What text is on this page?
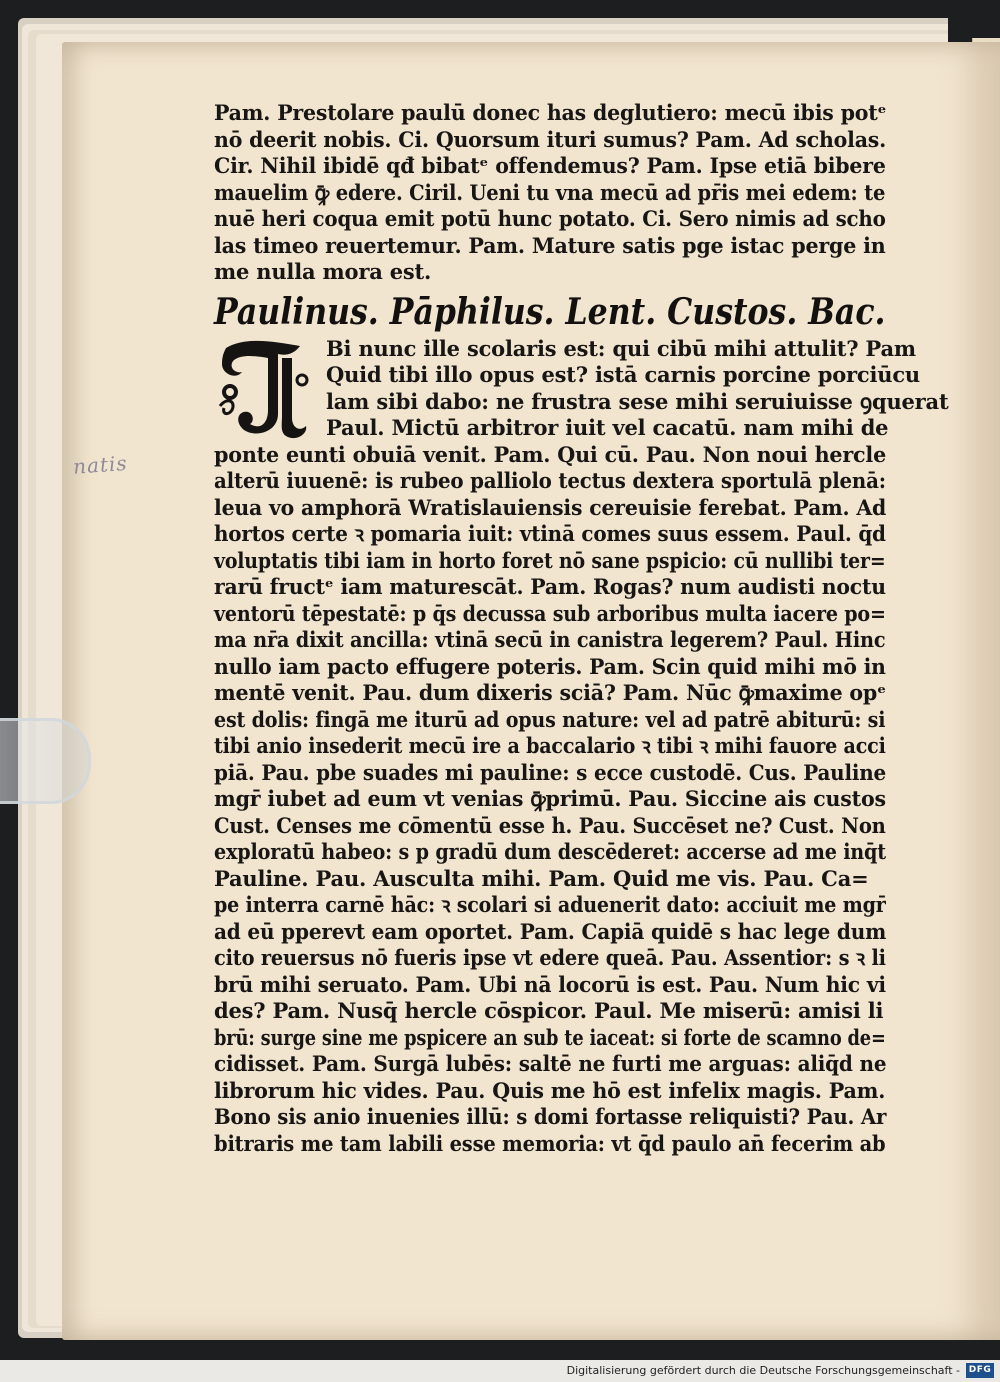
natis
Pam. Prestolare paulū donec has deglutiero: mecū ibis potᵉ
nō deerit nobis. Ci. Quorsum ituri sumus? Pam. Ad scholas.
Cir. Nihil ibidē qđ bibatᵉ offendemus? Pam. Ipse etiā bibere
mauelim ꝙ̄ edere. Ciril. Ueni tu vna mecū ad pr̄is mei edem: te
nuē heri coqua emit potū hunc potato. Ci. Sero nimis ad scho
las timeo reuertemur. Pam. Mature satis pge istac perge in
me nulla mora est.
Paulinus. Pāphilus. Lent. Custos. Bac.
Bi nunc ille scolaris est: qui cibū mihi attulit? Pam
Quid tibi illo opus est? istā carnis porcine porciūcu
lam sibi dabo: ne frustra sese mihi seruiuisse ꝯquerat
Paul. Mictū arbitror iuit vel cacatū. nam mihi de
ponte eunti obuiā venit. Pam. Qui cū. Pau. Non noui hercle
alterū iuuenē: is rubeo palliolo tectus dextera sportulā plenā:
leua vo amphorā Wratislauiensis cereuisie ferebat. Pam. Ad
hortos certe ꝛ pomaria iuit: vtinā comes suus essem. Paul. q̄d
voluptatis tibi iam in horto foret nō sane pspicio: cū nullibi ter=
rarū fructᵉ iam maturescāt. Pam. Rogas? num audisti noctu
ventorū tēpestatē: p q̄s decussa sub arboribus multa iacere po=
ma nr̄a dixit ancilla: vtinā secū in canistra legerem? Paul. Hinc
nullo iam pacto effugere poteris. Pam. Scin quid mihi mō in
mentē venit. Pau. dum dixeris sciā? Pam. Nūc ꝙ̄maxime opᵉ
est dolis: fingā me iturū ad opus nature: vel ad patrē abiturū: si
tibi anio insederit mecū ire a baccalario ꝛ tibi ꝛ mihi fauore acci
piā. Pau. pbe suades mi pauline: s ecce custodē. Cus. Pauline
mgr̄ iubet ad eum vt venias ꝙ̄primū. Pau. Siccine ais custos
Cust. Censes me cōmentū esse h. Pau. Succēset ne? Cust. Non
exploratū habeo: s p gradū dum descēderet: accerse ad me inq̄t
Pauline. Pau. Ausculta mihi. Pam. Quid me vis. Pau. Ca=
pe interra carnē hāc: ꝛ scolari si aduenerit dato: acciuit me mgr̄
ad eū pperevt eam oportet. Pam. Capiā quidē s hac lege dum
cito reuersus nō fueris ipse vt edere queā. Pau. Assentior: s ꝛ li
brū mihi seruato. Pam. Ubi nā locorū is est. Pau. Num hic vi
des? Pam. Nusq̄ hercle cōspicor. Paul. Me miserū: amisi li
brū: surge sine me pspicere an sub te iaceat: si forte de scamno de=
cidisset. Pam. Surgā lubēs: saltē ne furti me arguas: aliq̄d ne
librorum hic vides. Pau. Quis me hō est infelix magis. Pam.
Bono sis anio inuenies illū: s domi fortasse reliquisti? Pau. Ar
bitraris me tam labili esse memoria: vt q̄d paulo an̄ fecerim ab
Digitalisierung gefördert durch die Deutsche Forschungsgemeinschaft - DFG
